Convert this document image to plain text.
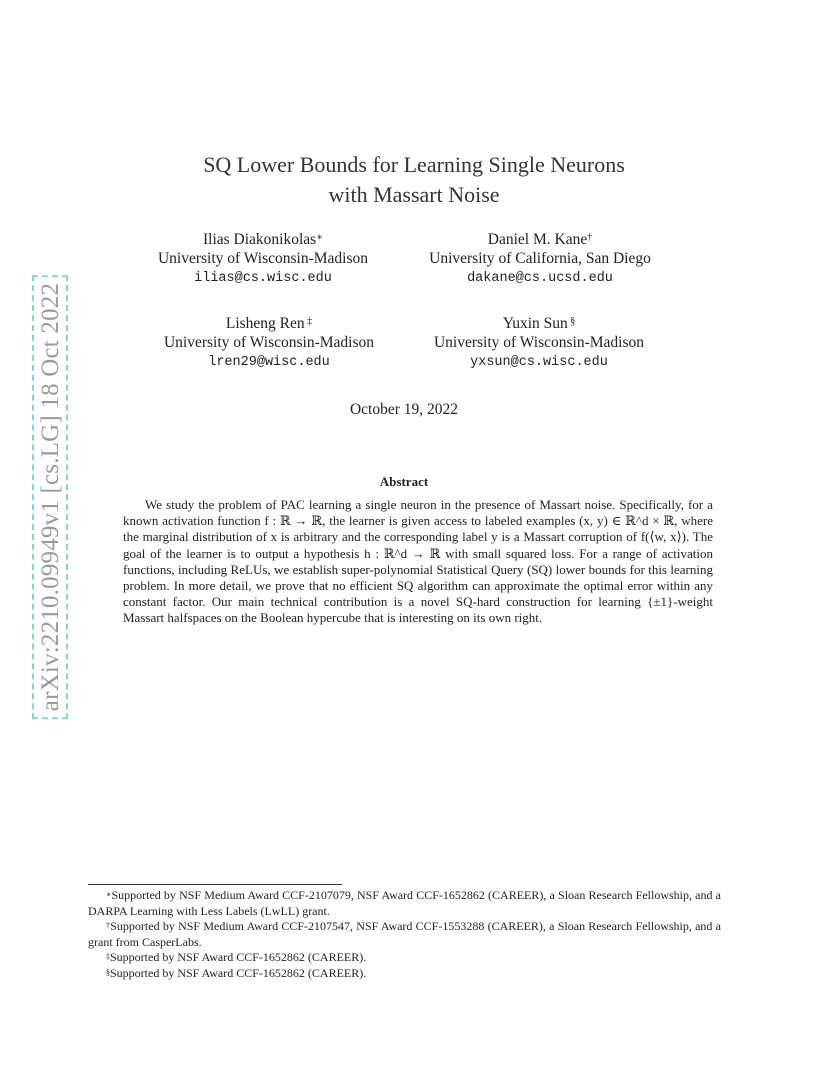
arXiv:2210.09949v1 [cs.LG] 18 Oct 2022
SQ Lower Bounds for Learning Single Neurons
with Massart Noise
Ilias Diakonikolas∗
University of Wisconsin-Madison
ilias@cs.wisc.edu
Daniel M. Kane†
University of California, San Diego
dakane@cs.ucsd.edu
Lisheng Ren ‡
University of Wisconsin-Madison
lren29@wisc.edu
Yuxin Sun §
University of Wisconsin-Madison
yxsun@cs.wisc.edu
October 19, 2022
Abstract
We study the problem of PAC learning a single neuron in the presence of Massart noise. Specifically, for a known activation function f : ℝ → ℝ, the learner is given access to labeled examples (x, y) ∈ ℝ^d × ℝ, where the marginal distribution of x is arbitrary and the corresponding label y is a Massart corruption of f(⟨w, x⟩). The goal of the learner is to output a hypothesis h : ℝ^d → ℝ with small squared loss. For a range of activation functions, including ReLUs, we establish super-polynomial Statistical Query (SQ) lower bounds for this learning problem. In more detail, we prove that no efficient SQ algorithm can approximate the optimal error within any constant factor. Our main technical contribution is a novel SQ-hard construction for learning {±1}-weight Massart halfspaces on the Boolean hypercube that is interesting on its own right.

∗Supported by NSF Medium Award CCF-2107079, NSF Award CCF-1652862 (CAREER), a Sloan Research Fellowship, and a DARPA Learning with Less Labels (LwLL) grant.

†Supported by NSF Medium Award CCF-2107547, NSF Award CCF-1553288 (CAREER), a Sloan Research Fellowship, and a grant from CasperLabs.

‡Supported by NSF Award CCF-1652862 (CAREER).

§Supported by NSF Award CCF-1652862 (CAREER).
